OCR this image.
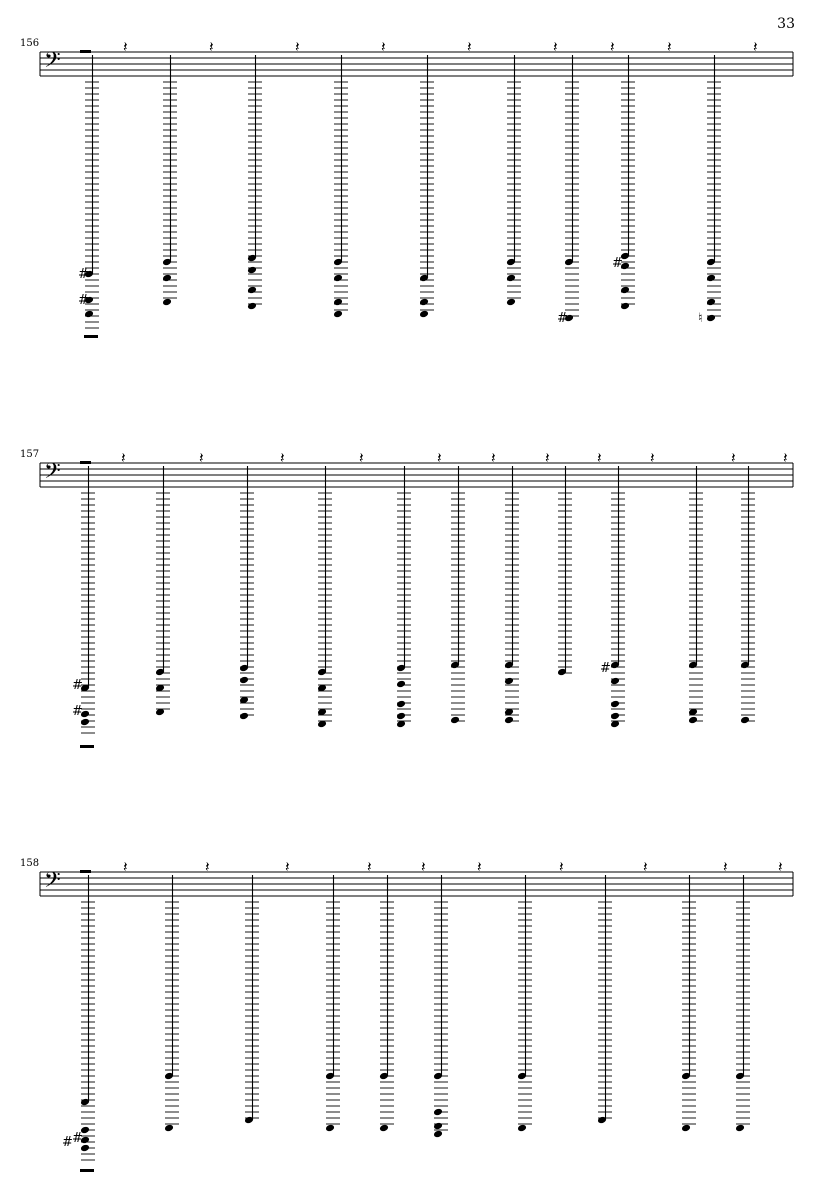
33
156
𝄢
𝄽	𝄽	𝄽	𝄽	𝄽	𝄽	𝄽	𝄽	𝄽
#
#
#
#
♮
157
𝄢
𝄽	𝄽	𝄽	𝄽	𝄽	𝄽	𝄽	𝄽	𝄽	𝄽	𝄽
#
#
#
158
𝄢
𝄽	𝄽	𝄽	𝄽	𝄽	𝄽	𝄽	𝄽	𝄽	𝄽
# #
